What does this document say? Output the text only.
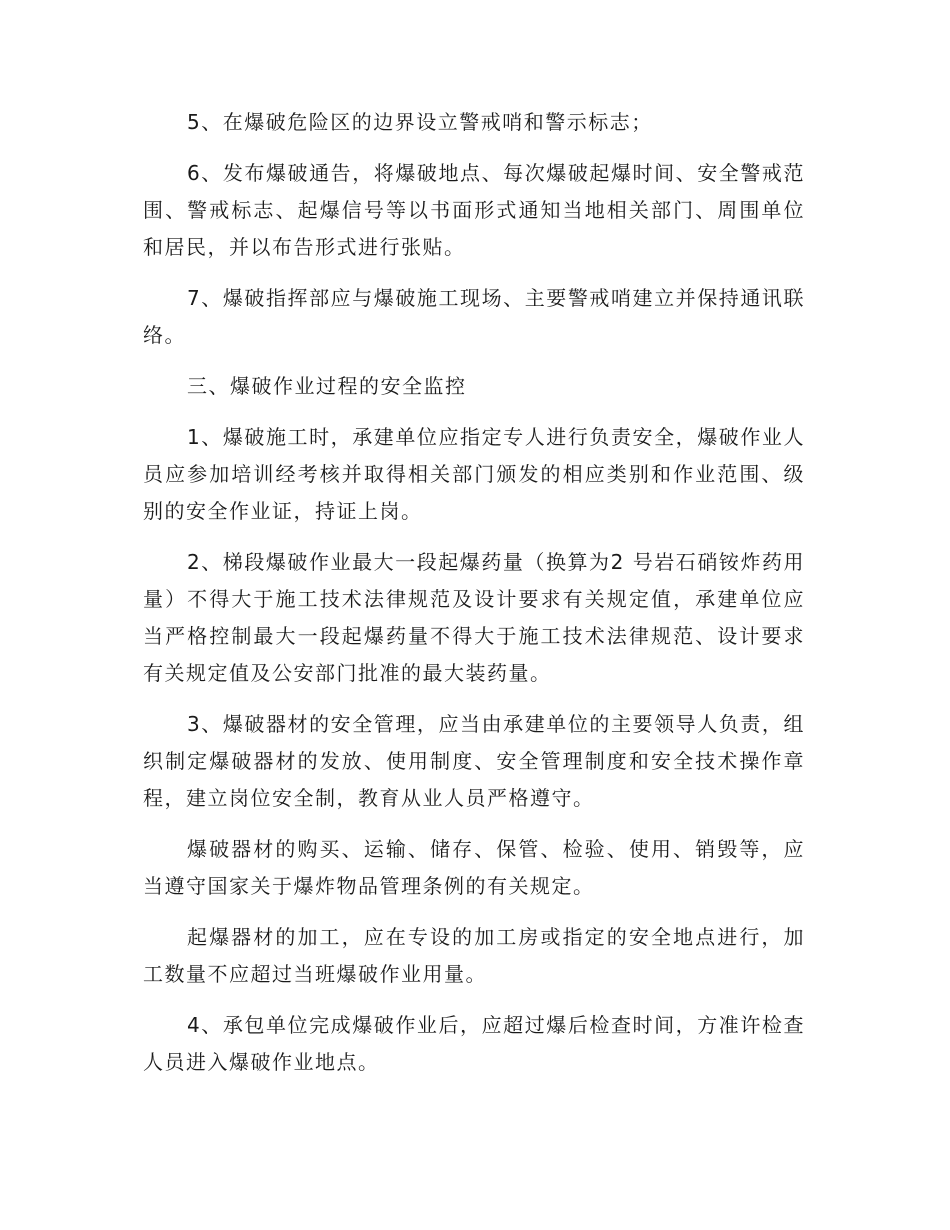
5、在爆破危险区的边界设立警戒哨和警示标志；

6、发布爆破通告，将爆破地点、每次爆破起爆时间、安全警戒范围、警戒标志、起爆信号等以书面形式通知当地相关部门、周围单位和居民，并以布告形式进行张贴。

7、爆破指挥部应与爆破施工现场、主要警戒哨建立并保持通讯联络。

三、爆破作业过程的安全监控

1、爆破施工时，承建单位应指定专人进行负责安全，爆破作业人员应参加培训经考核并取得相关部门颁发的相应类别和作业范围、级别的安全作业证，持证上岗。

2、梯段爆破作业最大一段起爆药量（换算为2 号岩石硝铵炸药用量）不得大于施工技术法律规范及设计要求有关规定值，承建单位应当严格控制最大一段起爆药量不得大于施工技术法律规范、设计要求有关规定值及公安部门批准的最大装药量。

3、爆破器材的安全管理，应当由承建单位的主要领导人负责，组织制定爆破器材的发放、使用制度、安全管理制度和安全技术操作章程，建立岗位安全制，教育从业人员严格遵守。

爆破器材的购买、运输、储存、保管、检验、使用、销毁等，应当遵守国家关于爆炸物品管理条例的有关规定。

起爆器材的加工，应在专设的加工房或指定的安全地点进行，加工数量不应超过当班爆破作业用量。

4、承包单位完成爆破作业后，应超过爆后检查时间，方准许检查人员进入爆破作业地点。
